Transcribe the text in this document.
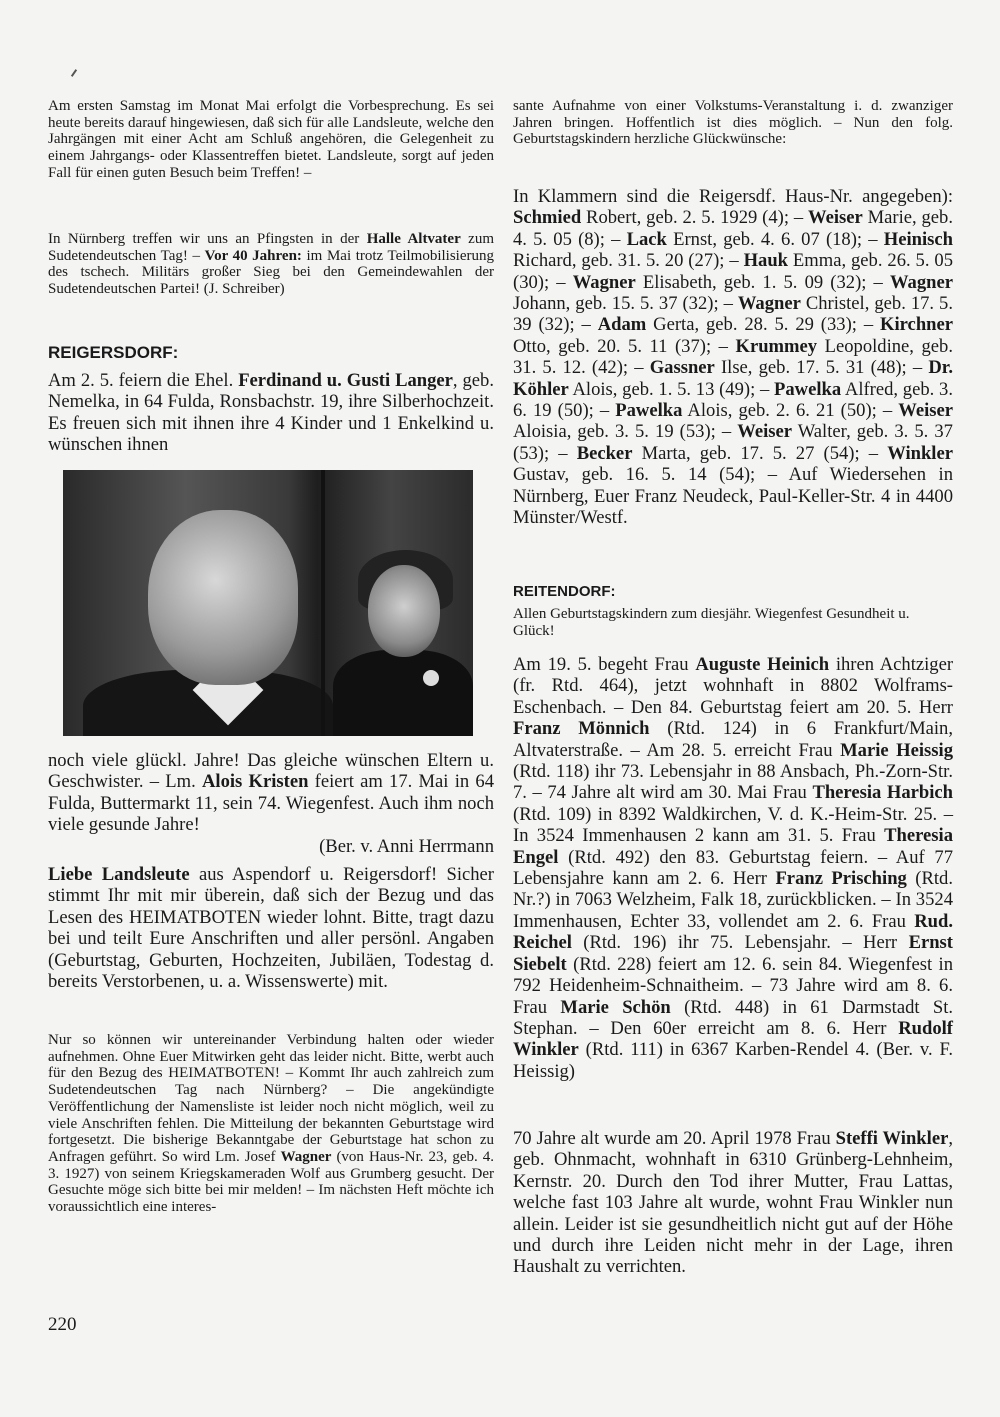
Am ersten Samstag im Monat Mai erfolgt die Vorbesprechung. Es sei heute bereits darauf hingewiesen, daß sich für alle Landsleute, welche den Jahrgängen mit einer Acht am Schluß angehören, die Gelegenheit zu einem Jahrgangs- oder Klassentreffen bietet. Landsleute, sorgt auf jeden Fall für einen guten Besuch beim Treffen! –
In Nürnberg treffen wir uns an Pfingsten in der Halle Altvater zum Sudetendeutschen Tag! – Vor 40 Jahren: im Mai trotz Teilmobilisierung des tschech. Militärs großer Sieg bei den Gemeindewahlen der Sudetendeutschen Partei! (J. Schreiber)
REIGERSDORF:
Am 2. 5. feiern die Ehel. Ferdinand u. Gusti Langer, geb. Nemelka, in 64 Fulda, Ronsbachstr. 19, ihre Silberhochzeit. Es freuen sich mit ihnen ihre 4 Kinder und 1 Enkelkind u. wünschen ihnen
noch viele glückl. Jahre! Das gleiche wünschen Eltern u. Geschwister. – Lm. Alois Kristen feiert am 17. Mai in 64 Fulda, Buttermarkt 11, sein 74. Wiegenfest. Auch ihm noch viele gesunde Jahre!
(Ber. v. Anni Herrmann
Liebe Landsleute aus Aspendorf u. Reigersdorf! Sicher stimmt Ihr mit mir überein, daß sich der Bezug und das Lesen des HEIMATBOTEN wieder lohnt. Bitte, tragt dazu bei und teilt Eure Anschriften und aller persönl. Angaben (Geburtstag, Geburten, Hochzeiten, Jubiläen, Todestag d. bereits Verstorbenen, u. a. Wissenswerte) mit.
Nur so können wir untereinander Verbindung halten oder wieder aufnehmen. Ohne Euer Mitwirken geht das leider nicht. Bitte, werbt auch für den Bezug des HEIMATBOTEN! – Kommt Ihr auch zahlreich zum Sudetendeutschen Tag nach Nürnberg? – Die angekündigte Veröffentlichung der Namensliste ist leider noch nicht möglich, weil zu viele Anschriften fehlen. Die Mitteilung der bekannten Geburtstage wird fortgesetzt. Die bisherige Bekanntgabe der Geburtstage hat schon zu Anfragen geführt. So wird Lm. Josef Wagner (von Haus-Nr. 23, geb. 4. 3. 1927) von seinem Kriegskameraden Wolf aus Grumberg gesucht. Der Gesuchte möge sich bitte bei mir melden! – Im nächsten Heft möchte ich voraussichtlich eine interes-
220
sante Aufnahme von einer Volkstums-Veranstaltung i. d. zwanziger Jahren bringen. Hoffentlich ist dies möglich. – Nun den folg. Geburtstagskindern herzliche Glückwünsche:
In Klammern sind die Reigersdf. Haus-Nr. angegeben): Schmied Robert, geb. 2. 5. 1929 (4); – Weiser Marie, geb. 4. 5. 05 (8); – Lack Ernst, geb. 4. 6. 07 (18); – Heinisch Richard, geb. 31. 5. 20 (27); – Hauk Emma, geb. 26. 5. 05 (30); – Wagner Elisabeth, geb. 1. 5. 09 (32); – Wagner Johann, geb. 15. 5. 37 (32); – Wagner Christel, geb. 17. 5. 39 (32); – Adam Gerta, geb. 28. 5. 29 (33); – Kirchner Otto, geb. 20. 5. 11 (37); – Krummey Leopoldine, geb. 31. 5. 12. (42); – Gassner Ilse, geb. 17. 5. 31 (48); – Dr. Köhler Alois, geb. 1. 5. 13 (49); – Pawelka Alfred, geb. 3. 6. 19 (50); – Pawelka Alois, geb. 2. 6. 21 (50); – Weiser Aloisia, geb. 3. 5. 19 (53); – Weiser Walter, geb. 3. 5. 37 (53); – Becker Marta, geb. 17. 5. 27 (54); – Winkler Gustav, geb. 16. 5. 14 (54); – Auf Wiedersehen in Nürnberg, Euer Franz Neudeck, Paul-Keller-Str. 4 in 4400 Münster/Westf.
REITENDORF:
Allen Geburtstagskindern zum diesjähr. Wiegenfest Gesundheit u. Glück!
Am 19. 5. begeht Frau Auguste Heinich ihren Achtziger (fr. Rtd. 464), jetzt wohnhaft in 8802 Wolframs-Eschenbach. – Den 84. Geburtstag feiert am 20. 5. Herr Franz Mönnich (Rtd. 124) in 6 Frankfurt/Main, Altvaterstraße. – Am 28. 5. erreicht Frau Marie Heissig (Rtd. 118) ihr 73. Lebensjahr in 88 Ansbach, Ph.-Zorn-Str. 7. – 74 Jahre alt wird am 30. Mai Frau Theresia Harbich (Rtd. 109) in 8392 Waldkirchen, V. d. K.-Heim-Str. 25. – In 3524 Immenhausen 2 kann am 31. 5. Frau Theresia Engel (Rtd. 492) den 83. Geburtstag feiern. – Auf 77 Lebensjahre kann am 2. 6. Herr Franz Prisching (Rtd. Nr.?) in 7063 Welzheim, Falk 18, zurückblicken. – In 3524 Immenhausen, Echter 33, vollendet am 2. 6. Frau Rud. Reichel (Rtd. 196) ihr 75. Lebensjahr. – Herr Ernst Siebelt (Rtd. 228) feiert am 12. 6. sein 84. Wiegenfest in 792 Heidenheim-Schnaitheim. – 73 Jahre wird am 8. 6. Frau Marie Schön (Rtd. 448) in 61 Darmstadt St. Stephan. – Den 60er erreicht am 8. 6. Herr Rudolf Winkler (Rtd. 111) in 6367 Karben-Rendel 4. (Ber. v. F. Heissig)
70 Jahre alt wurde am 20. April 1978 Frau Steffi Winkler, geb. Ohnmacht, wohnhaft in 6310 Grünberg-Lehnheim, Kernstr. 20. Durch den Tod ihrer Mutter, Frau Lattas, welche fast 103 Jahre alt wurde, wohnt Frau Winkler nun allein. Leider ist sie gesundheitlich nicht gut auf der Höhe und durch ihre Leiden nicht mehr in der Lage, ihren Haushalt zu verrichten.
